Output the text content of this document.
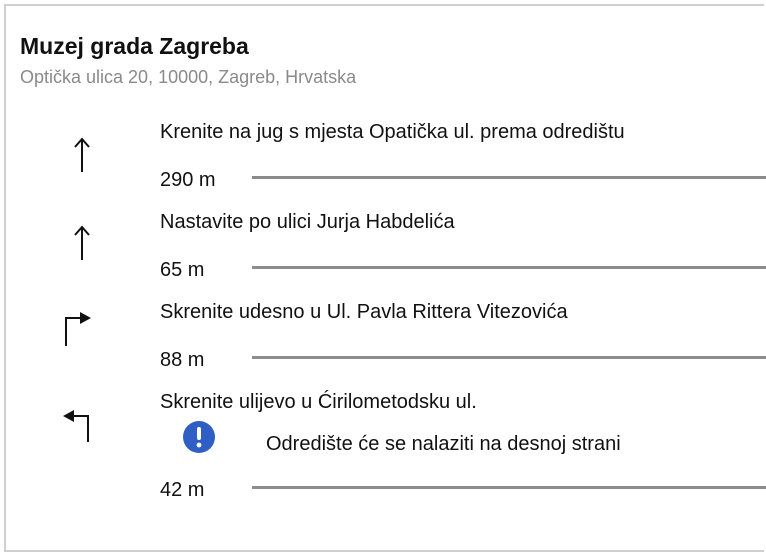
Muzej grada Zagreba
Optička ulica 20, 10000, Zagreb, Hrvatska
Krenite na jug s mjesta Opatička ul. prema odredištu
290 m
Nastavite po ulici Jurja Habdelića
65 m
Skrenite udesno u Ul. Pavla Rittera Vitezovića
88 m
Skrenite ulijevo u Ćirilometodsku ul.
Odredište će se nalaziti na desnoj strani
42 m
